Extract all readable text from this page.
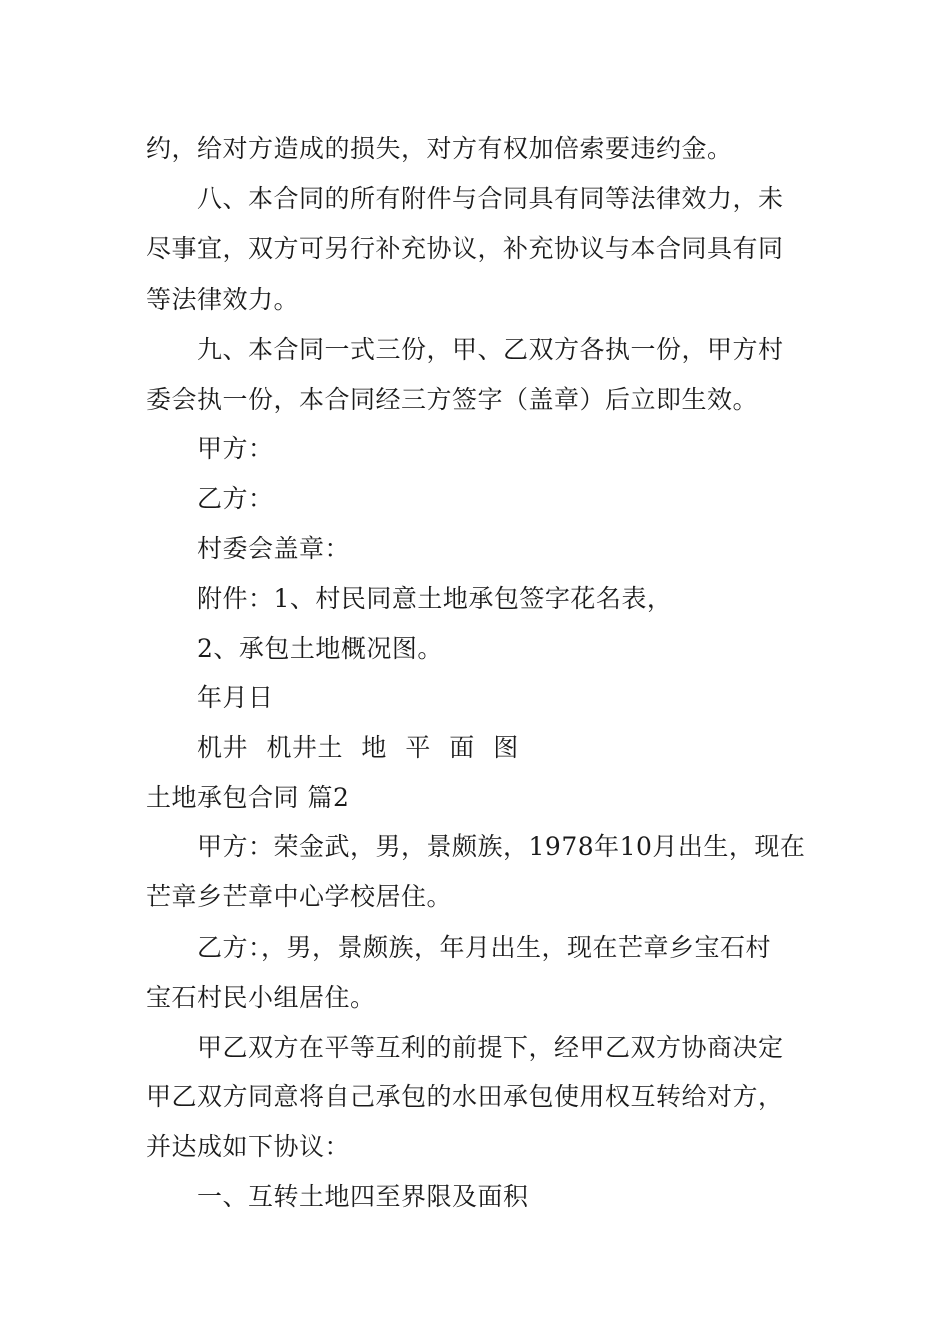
约，给对方造成的损失，对方有权加倍索要违约金。
八、本合同的所有附件与合同具有同等法律效力，未
尽事宜，双方可另行补充协议，补充协议与本合同具有同
等法律效力。
九、本合同一式三份，甲、乙双方各执一份，甲方村
委会执一份，本合同经三方签字（盖章）后立即生效。
甲方：
乙方：
村委会盖章：
附件：1、村民同意土地承包签字花名表，
2、承包土地概况图。
年月日
机井 机井土 地 平 面 图
土地承包合同 篇2
甲方：荣金武，男，景颇族，1978年10月出生，现在
芒章乡芒章中心学校居住。
乙方：，男，景颇族，年月出生，现在芒章乡宝石村
宝石村民小组居住。
甲乙双方在平等互利的前提下，经甲乙双方协商决定
甲乙双方同意将自己承包的水田承包使用权互转给对方，
并达成如下协议：
一、互转土地四至界限及面积
